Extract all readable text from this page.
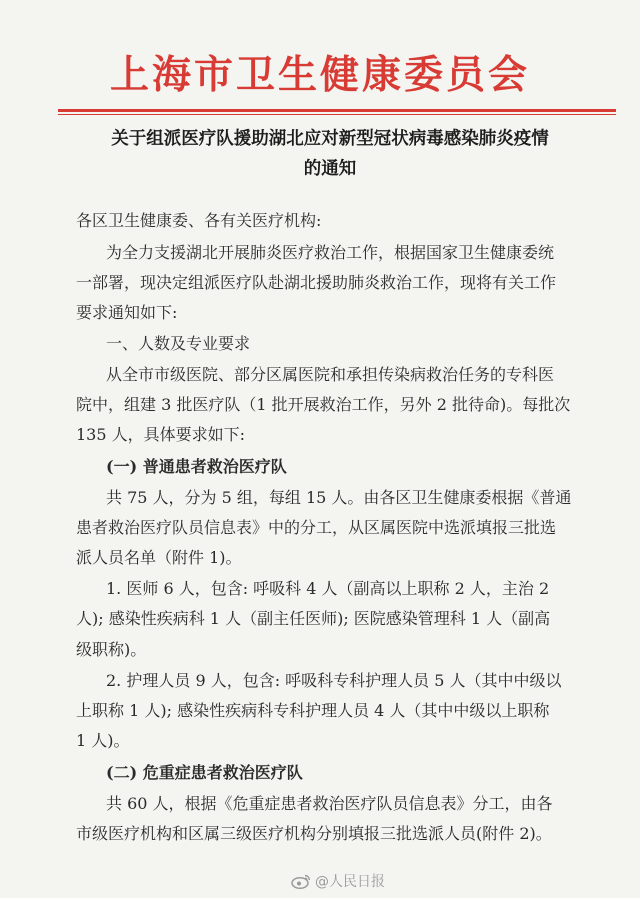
上海市卫生健康委员会
关于组派医疗队援助湖北应对新型冠状病毒感染肺炎疫情
的通知
各区卫生健康委、各有关医疗机构:
为全力支援湖北开展肺炎医疗救治工作，根据国家卫生健康委统
一部署，现决定组派医疗队赴湖北援助肺炎救治工作，现将有关工作
要求通知如下:
一、人数及专业要求
从全市市级医院、部分区属医院和承担传染病救治任务的专科医
院中，组建 3 批医疗队（1 批开展救治工作，另外 2 批待命)。每批次
135 人，具体要求如下:
(一) 普通患者救治医疗队
共 75 人，分为 5 组，每组 15 人。由各区卫生健康委根据《普通
患者救治医疗队员信息表》中的分工，从区属医院中选派填报三批选
派人员名单（附件 1)。
1. 医师 6 人，包含: 呼吸科 4 人（副高以上职称 2 人，主治 2
人); 感染性疾病科 1 人（副主任医师); 医院感染管理科 1 人（副高
级职称)。
2. 护理人员 9 人，包含: 呼吸科专科护理人员 5 人（其中中级以
上职称 1 人); 感染性疾病科专科护理人员 4 人（其中中级以上职称
1 人)。
(二) 危重症患者救治医疗队
共 60 人，根据《危重症患者救治医疗队员信息表》分工，由各
市级医疗机构和区属三级医疗机构分别填报三批选派人员(附件 2)。
@人民日报
